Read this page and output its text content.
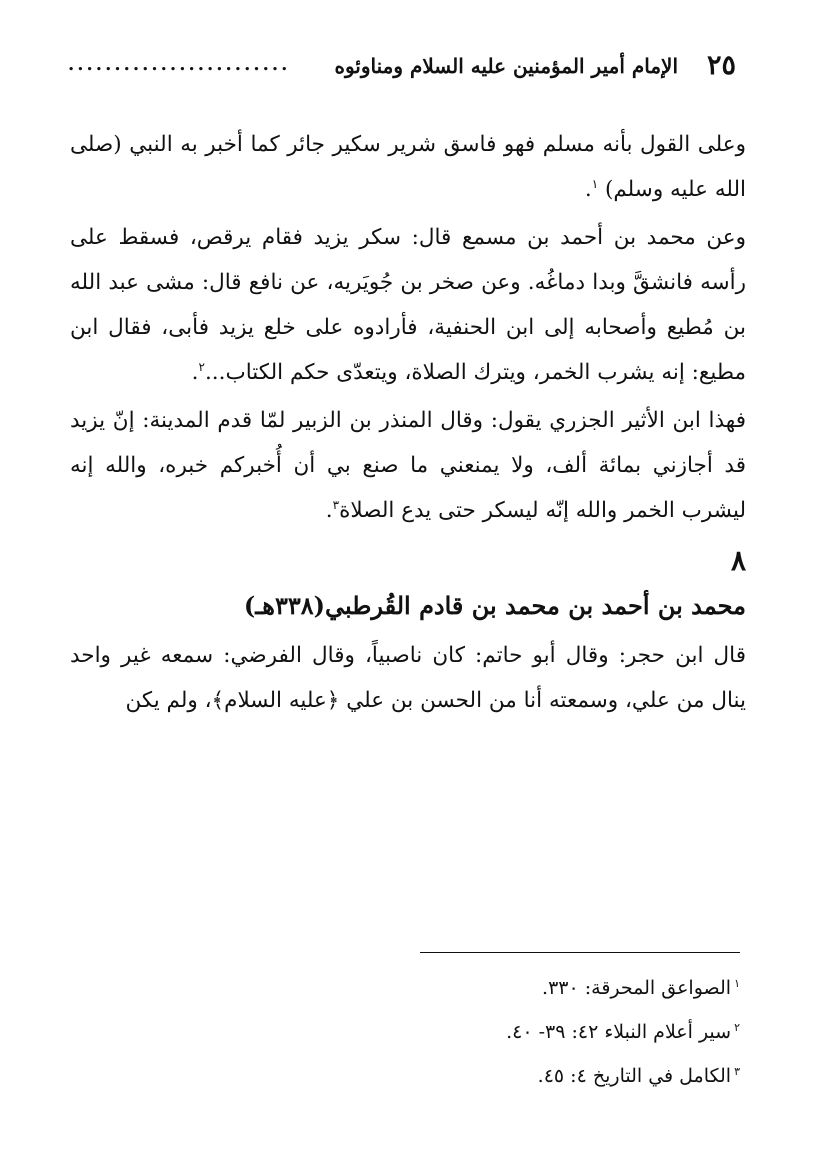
٢٥
الإمام أمير المؤمنين عليه السلام ومناوئوه
........................

وعلى القول بأنه مسلم فهو فاسق شرير سكير جائر كما أخبر به النبي (صلى الله عليه وسلم) $^١$.

وعن محمد بن أحمد بن مسمع قال: سكر يزيد فقام يرقص، فسقط على رأسه فانشقَّ وبدا دماغُه. وعن صخر بن جُويَريه، عن نافع قال: مشى عبد الله بن مُطيع وأصحابه إلى ابن الحنفية، فأرادوه على خلع يزيد فأبى، فقال ابن مطيع: إنه يشرب الخمر، ويترك الصلاة، ويتعدّى حكم الكتاب...$^٢$.

فهذا ابن الأثير الجزري يقول: وقال المنذر بن الزبير لمّا قدم المدينة: إنّ يزيد قد أجازني بمائة ألف، ولا يمنعني ما صنع بي أن أُخبركم خبره، والله إنه ليشرب الخمر والله إنّه ليسكر حتى يدع الصلاة$^٣$.

٨
محمد بن أحمد بن محمد بن قادم القُرطبي(٣٣٨هـ)

قال ابن حجر: وقال أبو حاتم: كان ناصبياً، وقال الفرضي: سمعه غير واحد ينال من علي، وسمعته أنا من الحسن بن علي ﴿عليه السلام﴾، ولم يكن

$^١$الصواعق المحرقة: ٣٣٠.
$^٢$سير أعلام النبلاء ٤٢: ٣٩- ٤٠.
$^٣$الكامل في التاريخ ٤: ٤٥.
